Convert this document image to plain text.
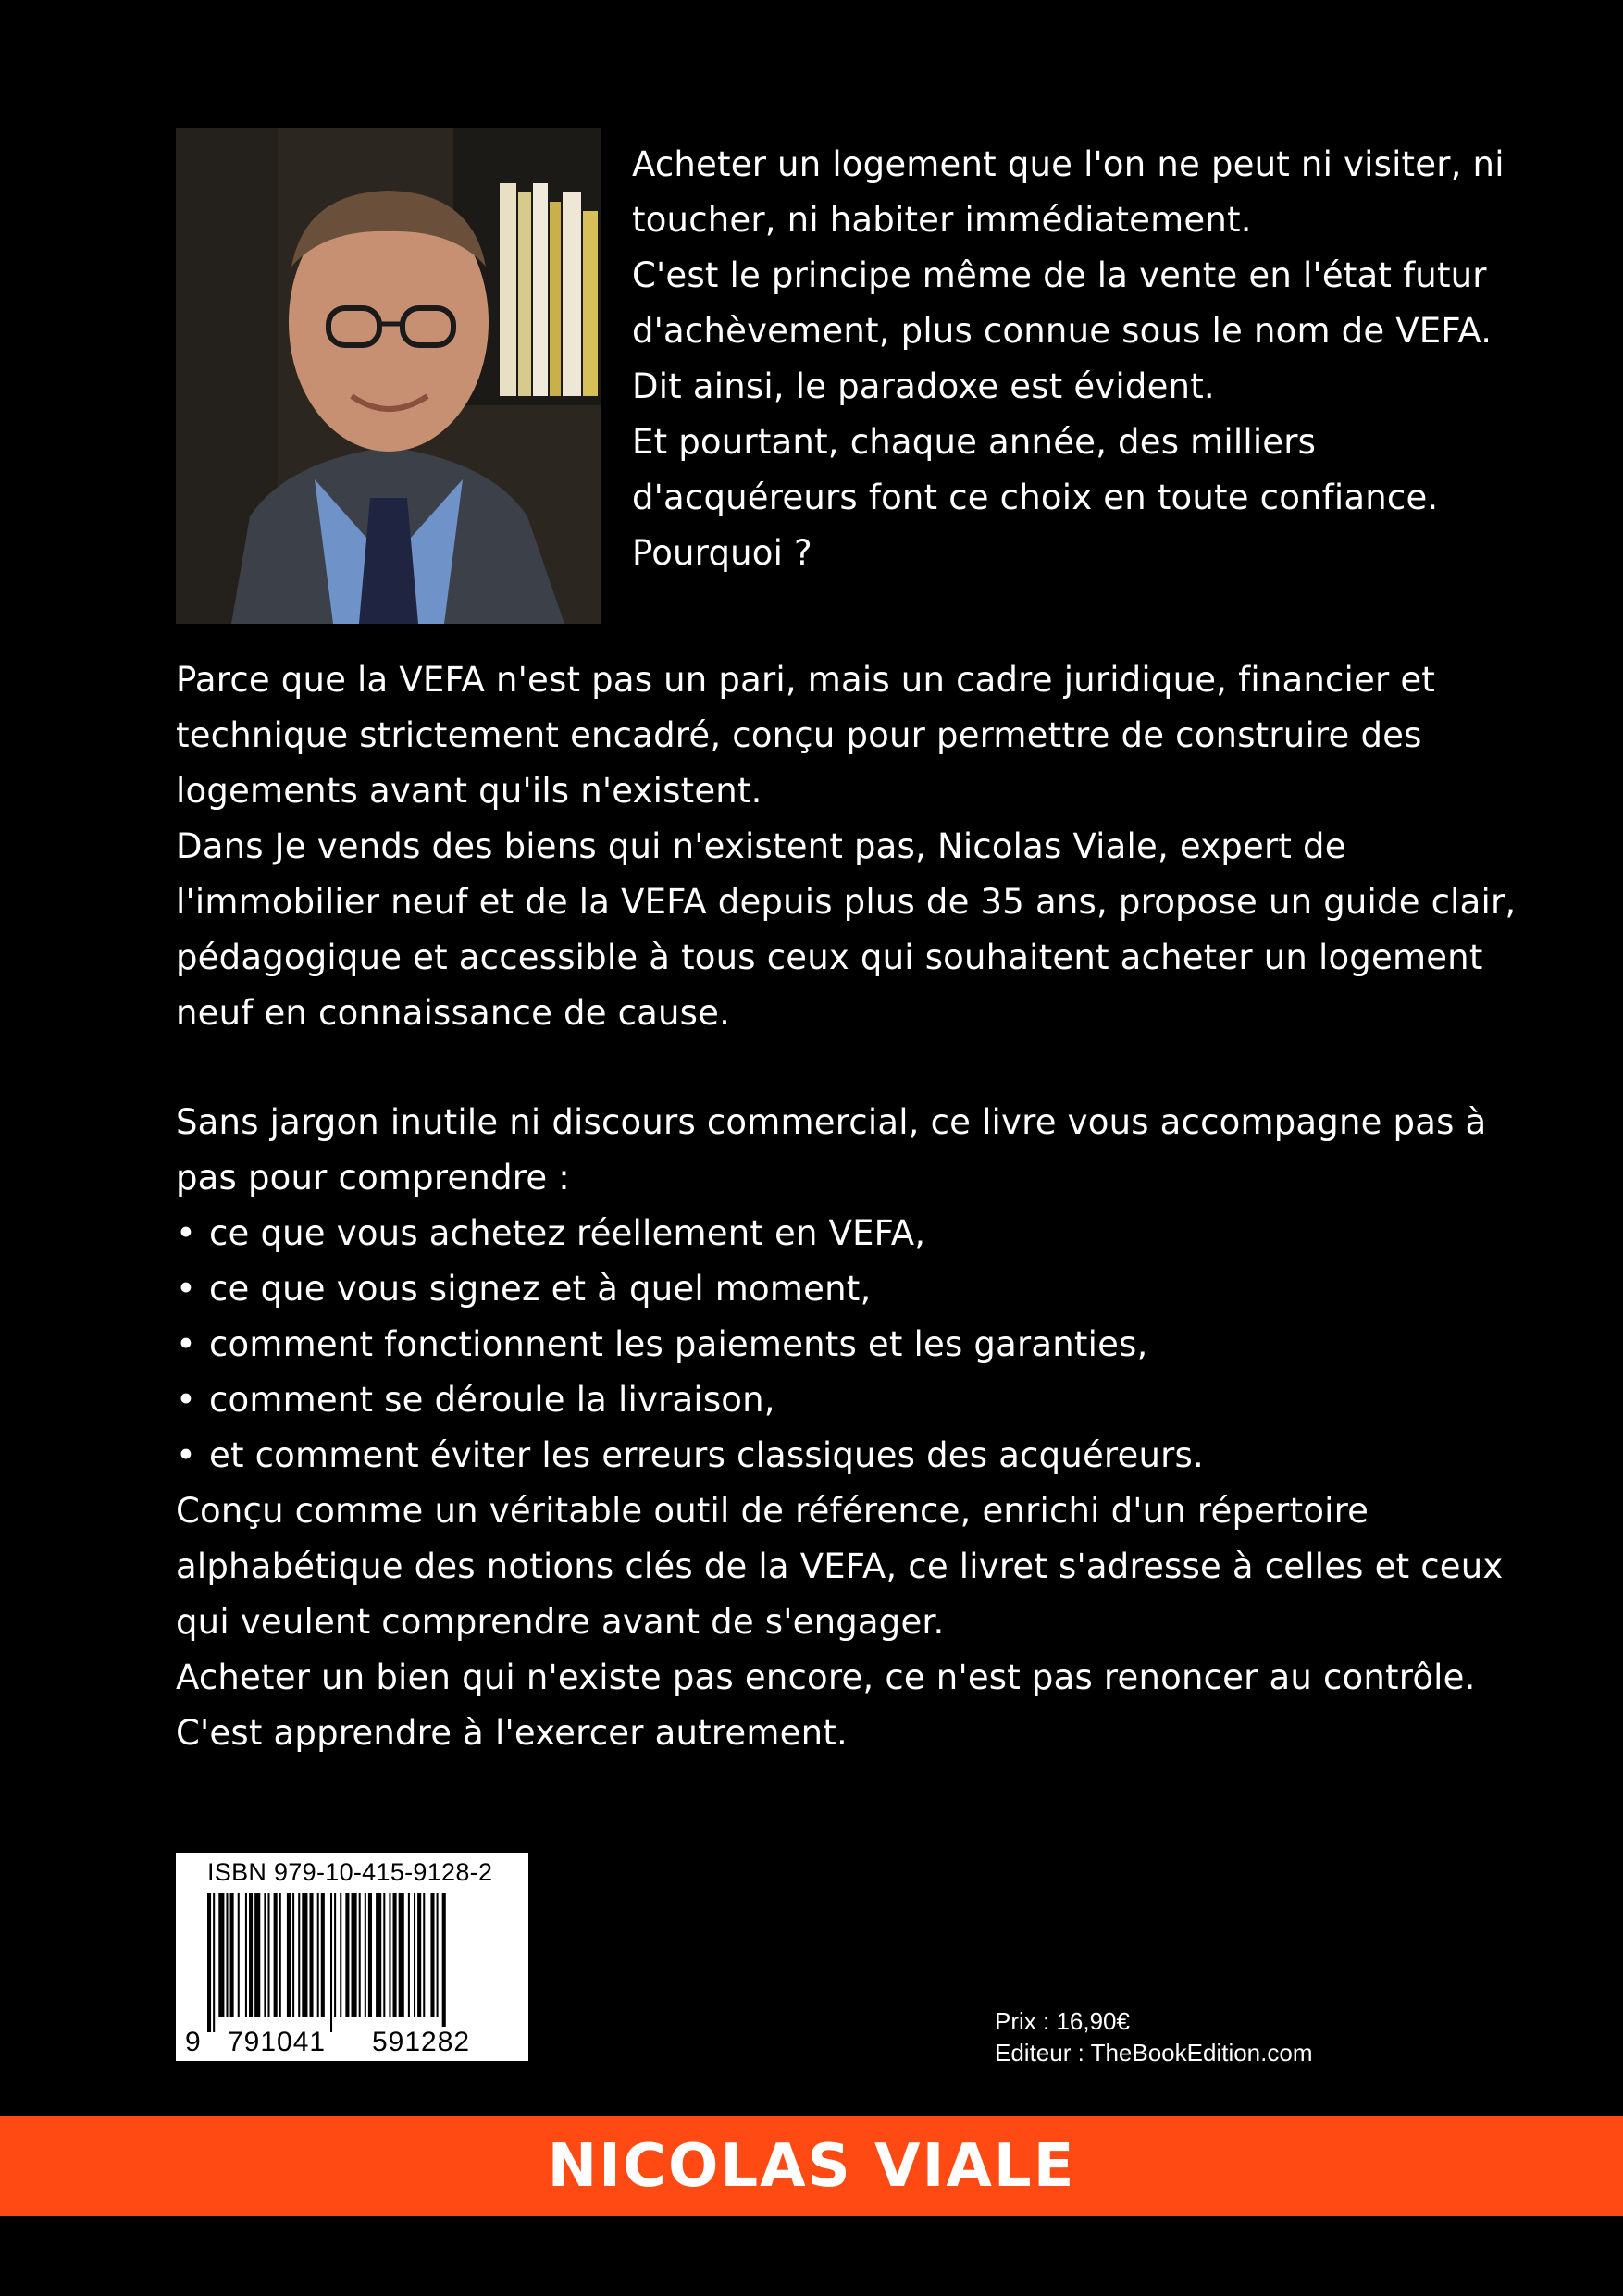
Acheter un logement que l'on ne peut ni visiter, ni
toucher, ni habiter immédiatement.
C'est le principe même de la vente en l'état futur
d'achèvement, plus connue sous le nom de VEFA.
Dit ainsi, le paradoxe est évident.
Et pourtant, chaque année, des milliers
d'acquéreurs font ce choix en toute confiance.
Pourquoi ?
Parce que la VEFA n'est pas un pari, mais un cadre juridique, financier et
technique strictement encadré, conçu pour permettre de construire des
logements avant qu'ils n'existent.
Dans Je vends des biens qui n'existent pas, Nicolas Viale, expert de
l'immobilier neuf et de la VEFA depuis plus de 35 ans, propose un guide clair,
pédagogique et accessible à tous ceux qui souhaitent acheter un logement
neuf en connaissance de cause.
Sans jargon inutile ni discours commercial, ce livre vous accompagne pas à
pas pour comprendre :
• ce que vous achetez réellement en VEFA,
• ce que vous signez et à quel moment,
• comment fonctionnent les paiements et les garanties,
• comment se déroule la livraison,
• et comment éviter les erreurs classiques des acquéreurs.
Conçu comme un véritable outil de référence, enrichi d'un répertoire
alphabétique des notions clés de la VEFA, ce livret s'adresse à celles et ceux
qui veulent comprendre avant de s'engager.
Acheter un bien qui n'existe pas encore, ce n'est pas renoncer au contrôle.
C'est apprendre à l'exercer autrement.
ISBN 979-10-415-9128-2
9 791041 591282
Prix : 16,90€
Editeur : TheBookEdition.com
NICOLAS VIALE
